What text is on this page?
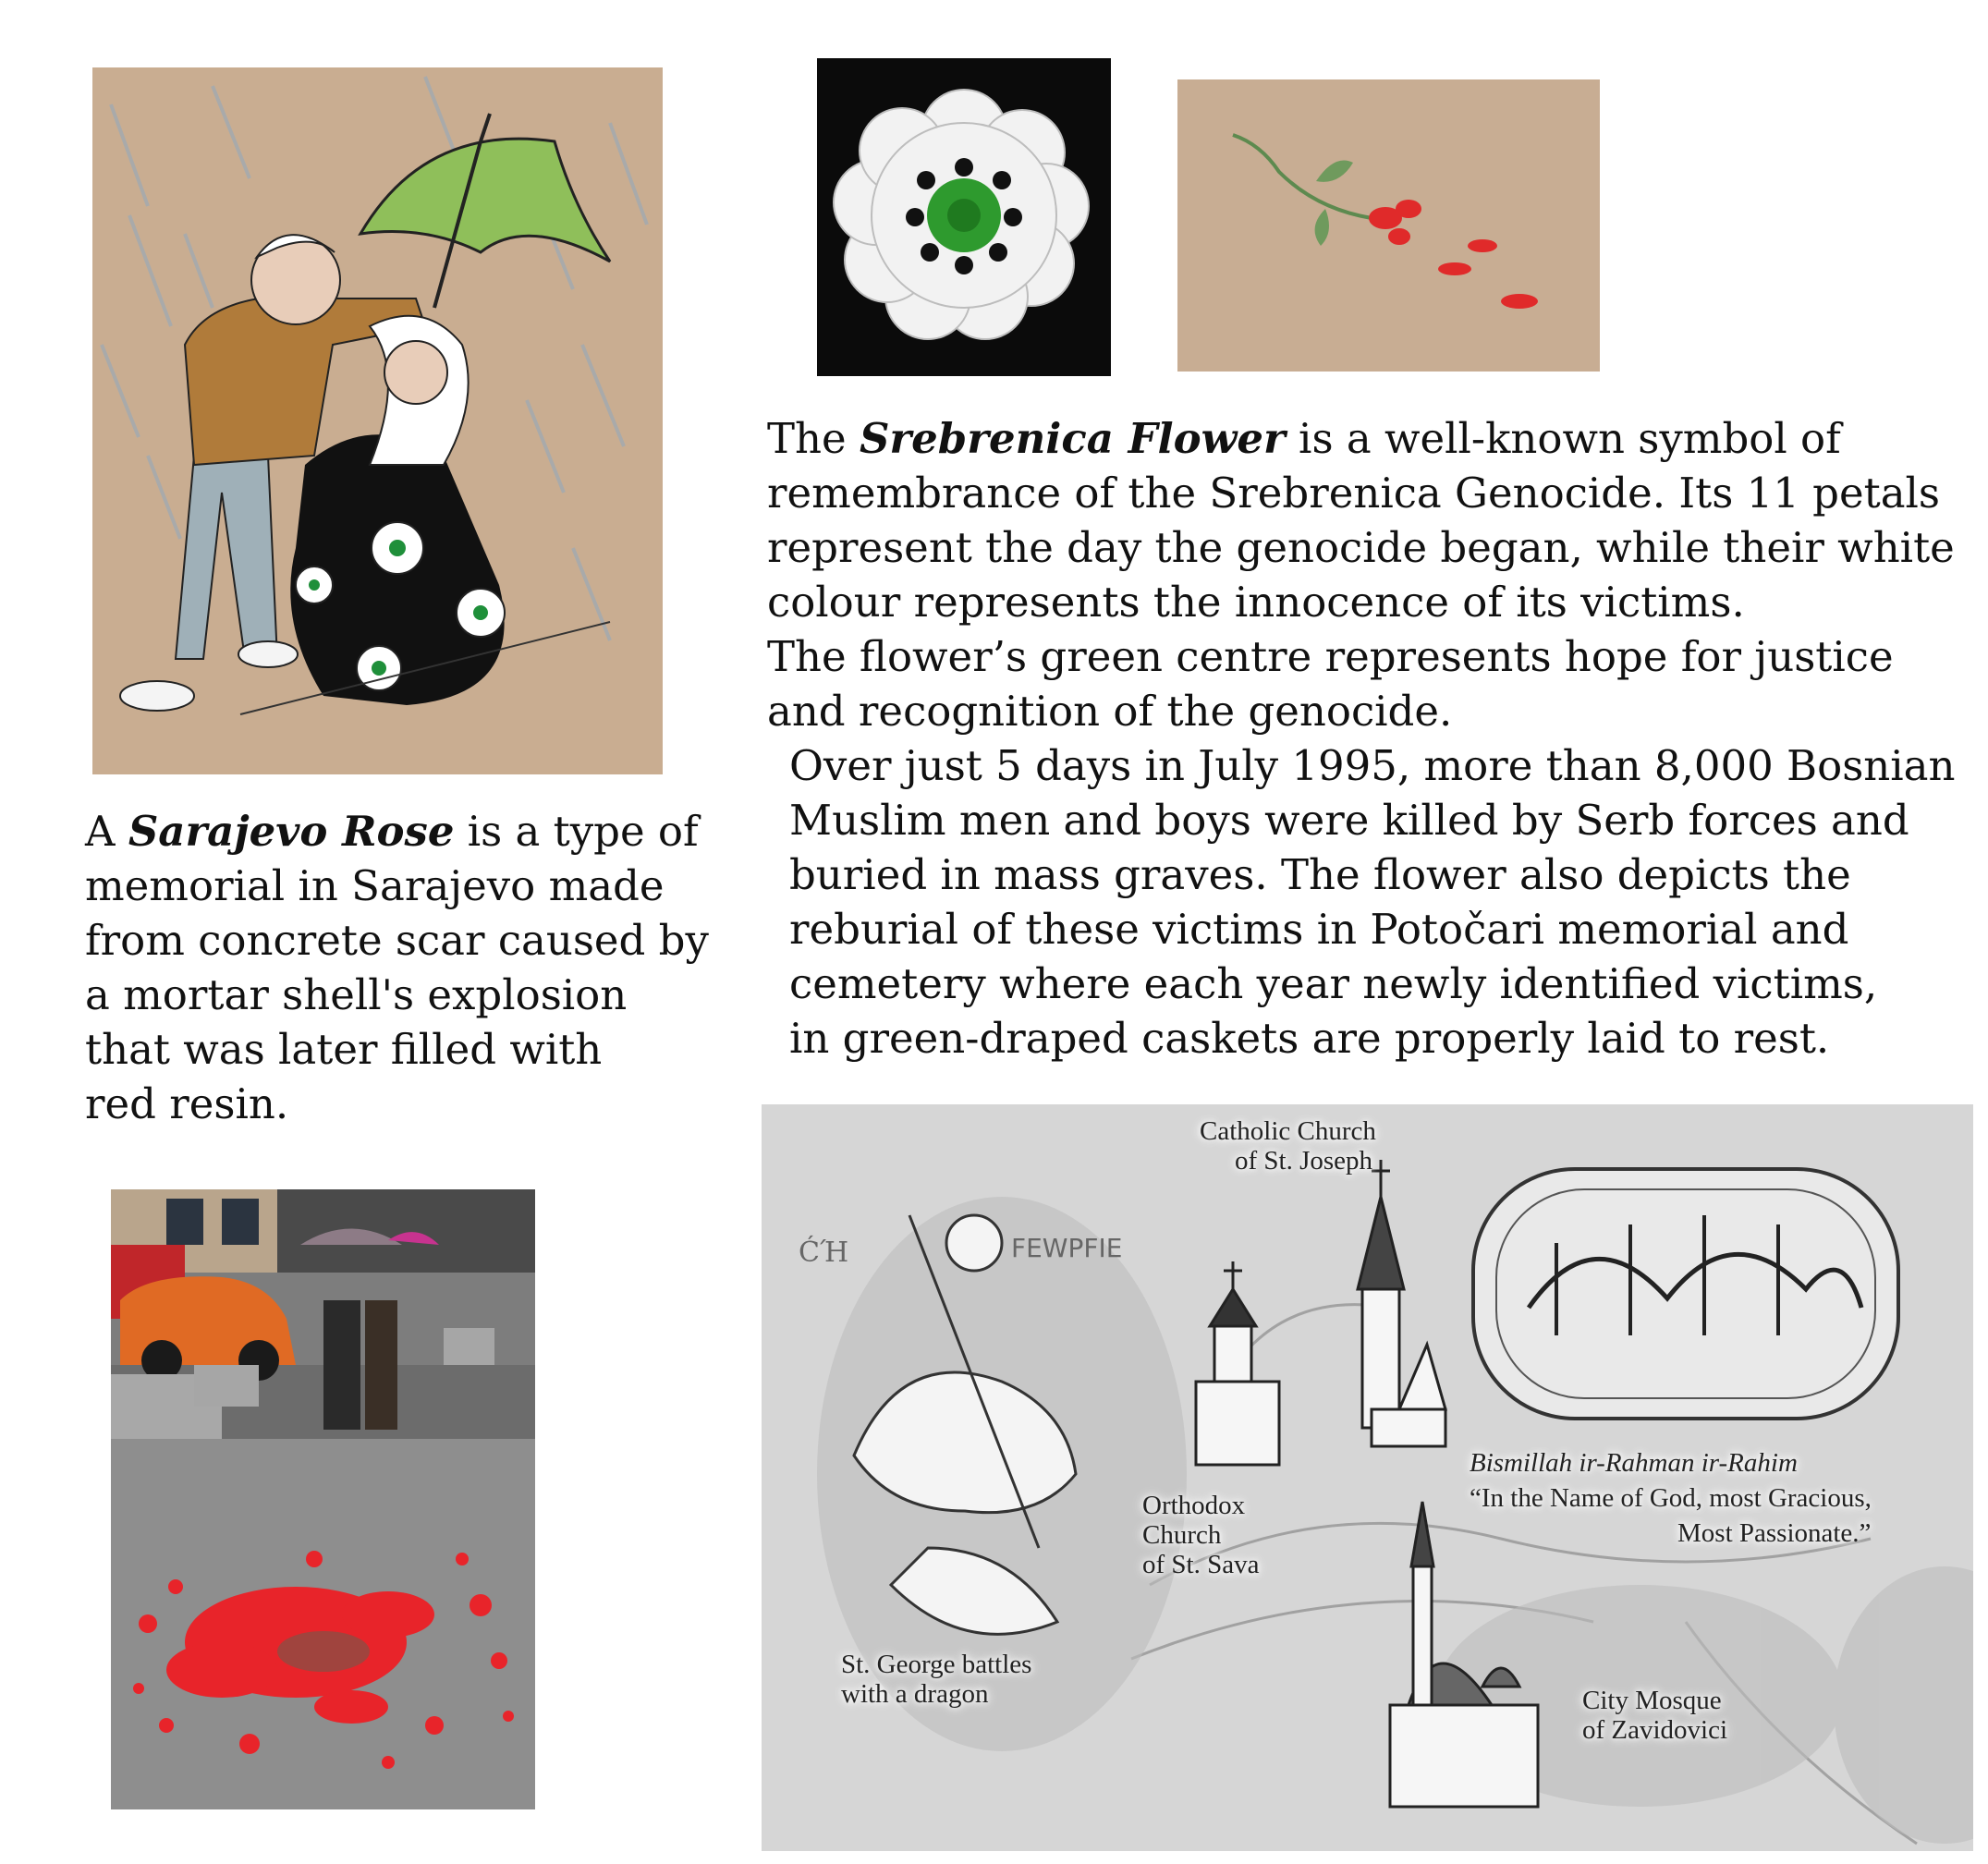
A Sarajevo Rose is a type of
memorial in Sarajevo made
from concrete scar caused by
a mortar shell's explosion
that was later filled with
red resin.
The Srebrenica Flower is a well-known symbol of
remembrance of the Srebrenica Genocide. Its 11 petals
represent the day the genocide began, while their white
colour represents the innocence of its victims.
The flower’s green centre represents hope for justice
and recognition of the genocide.
Over just 5 days in July 1995, more than 8,000 Bosnian
Muslim men and boys were killed by Serb forces and
buried in mass graves. The flower also depicts the
reburial of these victims in Potočari memorial and
cemetery where each year newly identified victims,
in green-draped caskets are properly laid to rest.
ĆΉ	FEWPFIE
Catholic Church
of St. Joseph
Orthodox
Church
of St. Sava
St. George battles
with a dragon	City Mosque
of Zavidovici
Bismillah ir-Rahman ir-Rahim
“In the Name of God, most Gracious,
Most Passionate.”
